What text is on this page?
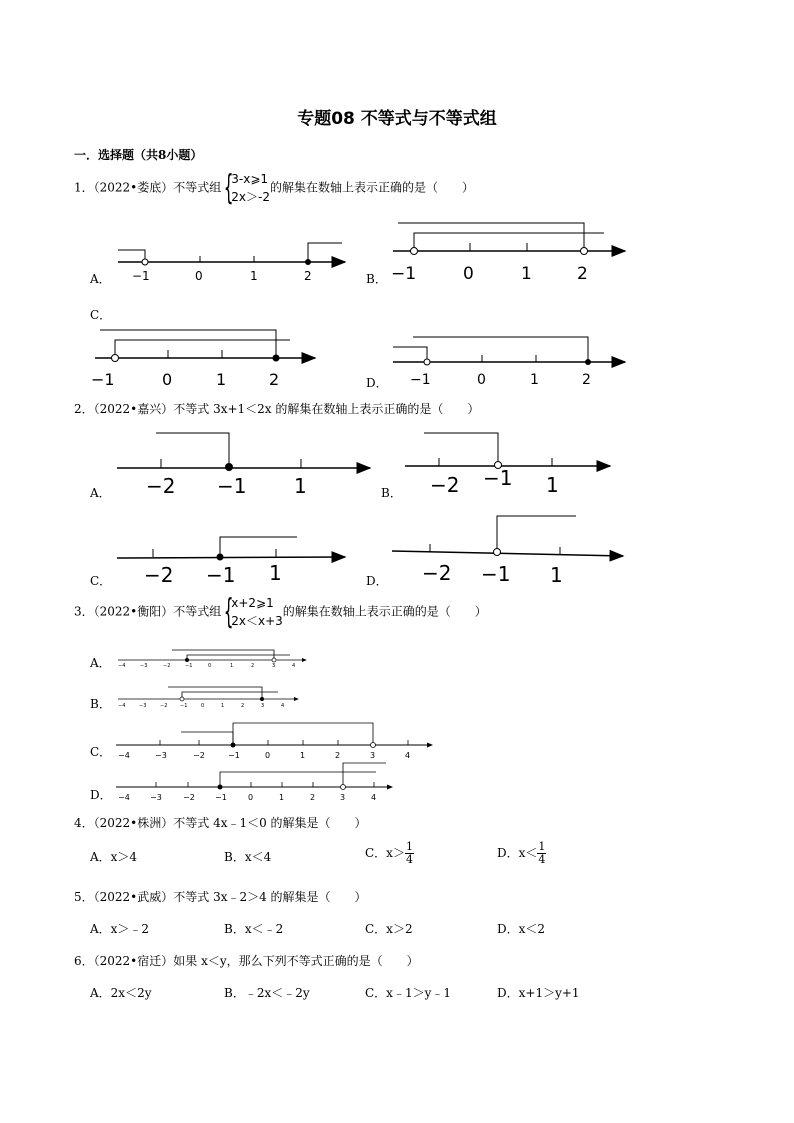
专题08 不等式与不等式组
一．选择题（共8小题）
1．（2022•娄底）不等式组 {
3-x⩾1
2x＞-2
的解集在数轴上表示正确的是（　　）
A．	B．
C．
D．
−1	0	1	2	−1	0	1	2
−1	0	1	2	−1	0	1	2
−2 −1 1	−2 −1 1
2．（2022•嘉兴）不等式 3x+1＜2x 的解集在数轴上表示正确的是（　　）
A．	B．
C．	D．
−2 −1 1	−2 −1 1
−4	−3	−2	−1	0	1	2	3	4
−4	−3	−2	−1	0	1	2	3	4
−4	−3	−2	−1	0	1	2	3	4
−4	−3	−2	−1	0	1	2	3	4
3．（2022•衡阳）不等式组 {
x+2⩾1
2x＜x+3
的解集在数轴上表示正确的是（　　）
A．
B．
C．
D．
4．（2022•株洲）不等式 4x﹣1＜0 的解集是（　　）
A．x＞4	B．x＜4	C．$x> \frac{1}{4}$	D．$x< \frac{1}{4}$
5．（2022•武威）不等式 3x﹣2＞4 的解集是（　　）
A．x＞﹣2	B．x＜﹣2	C．x＞2	D．x＜2
6．（2022•宿迁）如果 x＜y，那么下列不等式正确的是（　　）
A．2x＜2y	B．﹣2x＜﹣2y	C．x﹣1＞y﹣1	D．x+1＞y+1
